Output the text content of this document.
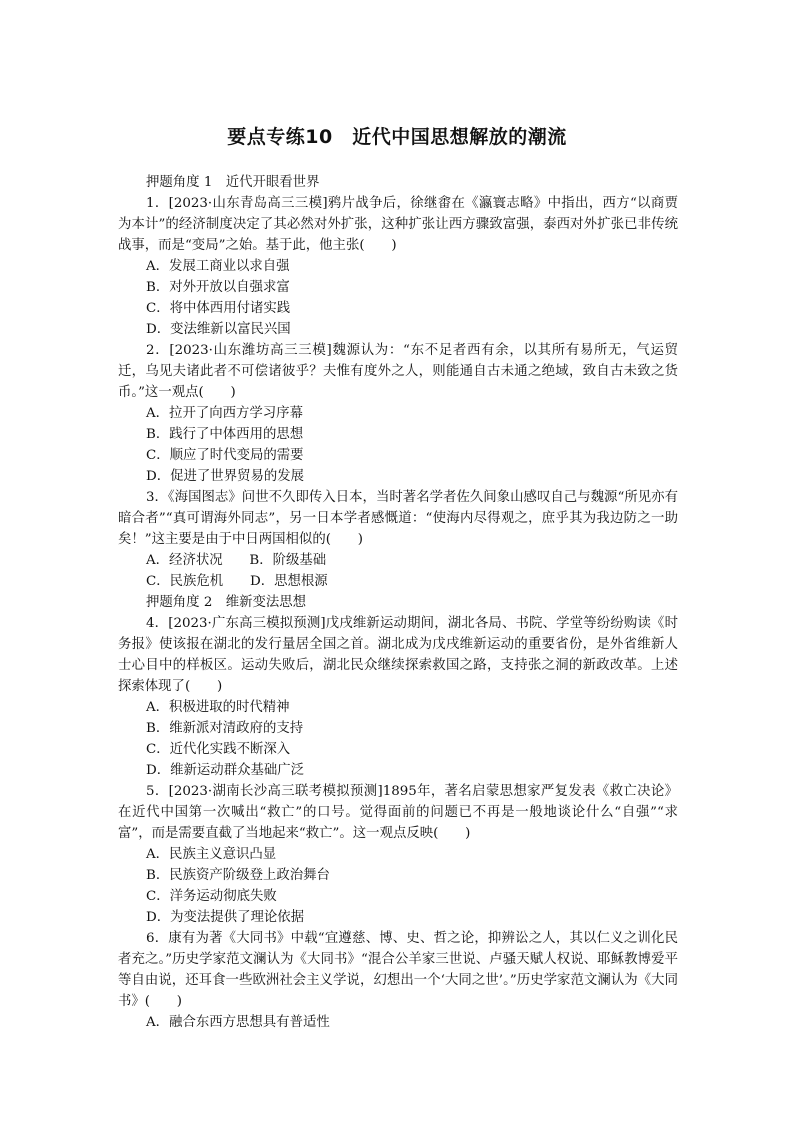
要点专练10　近代中国思想解放的潮流

押题角度 1　近代开眼看世界

1．[2023·山东青岛高三三模]鸦片战争后，徐继畬在《瀛寰志略》中指出，西方“以商贾为本计”的经济制度决定了其必然对外扩张，这种扩张让西方骤致富强，泰西对外扩张已非传统战事，而是“变局”之始。基于此，他主张(　　)

A．发展工商业以求自强

B．对外开放以自强求富

C．将中体西用付诸实践

D．变法维新以富民兴国

2．[2023·山东潍坊高三三模]魏源认为：“东不足者西有余，以其所有易所无，气运贸迁，乌见夫诸此者不可偿诸彼乎？夫惟有度外之人，则能通自古未通之绝域，致自古未致之货币。”这一观点(　　)

A．拉开了向西方学习序幕

B．践行了中体西用的思想

C．顺应了时代变局的需要

D．促进了世界贸易的发展

3．《海国图志》问世不久即传入日本，当时著名学者佐久间象山感叹自己与魏源“所见亦有暗合者”“真可谓海外同志”，另一日本学者感慨道：“使海内尽得观之，庶乎其为我边防之一助矣！”这主要是由于中日两国相似的(　　)

A．经济状况　　B．阶级基础

C．民族危机　　D．思想根源

押题角度 2　维新变法思想

4．[2023·广东高三模拟预测]戊戌维新运动期间，湖北各局、书院、学堂等纷纷购读《时务报》使该报在湖北的发行量居全国之首。湖北成为戊戌维新运动的重要省份，是外省维新人士心目中的样板区。运动失败后，湖北民众继续探索救国之路，支持张之洞的新政改革。上述探索体现了(　　)

A．积极进取的时代精神

B．维新派对清政府的支持

C．近代化实践不断深入

D．维新运动群众基础广泛

5．[2023·湖南长沙高三联考模拟预测]1895年，著名启蒙思想家严复发表《救亡决论》在近代中国第一次喊出“救亡”的口号。觉得面前的问题已不再是一般地谈论什么“自强”“求富”，而是需要直截了当地起来“救亡”。这一观点反映(　　)

A．民族主义意识凸显

B．民族资产阶级登上政治舞台

C．洋务运动彻底失败

D．为变法提供了理论依据

6．康有为著《大同书》中载“宜遵慈、博、史、哲之论，抑辨讼之人，其以仁义之训化民者充之。”历史学家范文澜认为《大同书》“混合公羊家三世说、卢骚天赋人权说、耶稣教博爱平等自由说，还耳食一些欧洲社会主义学说，幻想出一个‘大同之世’。”历史学家范文澜认为《大同书》(　　)

A．融合东西方思想具有普适性
